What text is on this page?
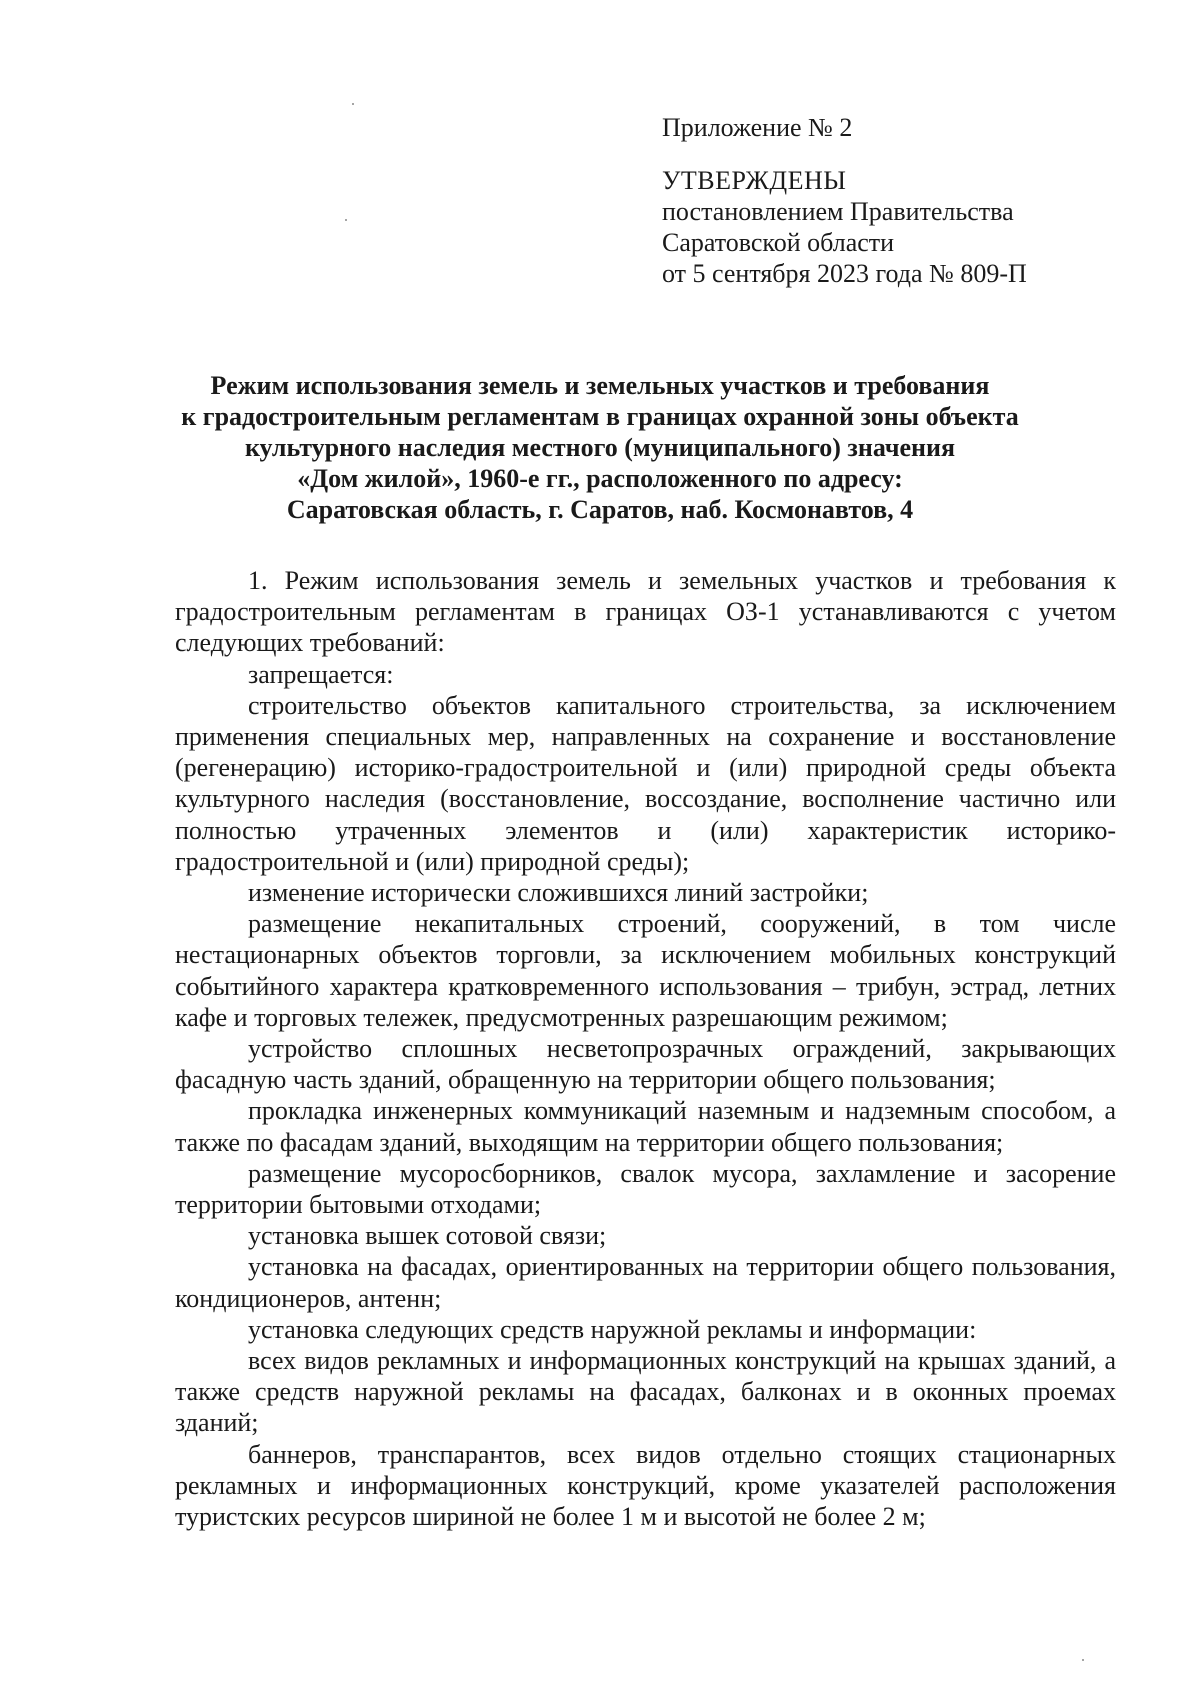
Приложение № 2
УТВЕРЖДЕНЫ
постановлением Правительства
Саратовской области
от 5 сентября 2023 года № 809-П
Режим использования земель и земельных участков и требования
к градостроительным регламентам в границах охранной зоны объекта
культурного наследия местного (муниципального) значения
«Дом жилой», 1960-е гг., расположенного по адресу:
Саратовская область, г. Саратов, наб. Космонавтов, 4

1. Режим использования земель и земельных участков и требования к градостроительным регламентам в границах ОЗ-1 устанавливаются с учетом следующих требований:

запрещается:

строительство объектов капитального строительства, за исключением применения специальных мер, направленных на сохранение и восстановление (регенерацию) историко-градостроительной и (или) природной среды объекта культурного наследия (восстановление, воссоздание, восполнение частично или полностью утраченных элементов и (или) характеристик историко-градостроительной и (или) природной среды);

изменение исторически сложившихся линий застройки;

размещение некапитальных строений, сооружений, в том числе нестационарных объектов торговли, за исключением мобильных конструкций событийного характера кратковременного использования – трибун, эстрад, летних кафе и торговых тележек, предусмотренных разрешающим режимом;

устройство сплошных несветопрозрачных ограждений, закрывающих фасадную часть зданий, обращенную на территории общего пользования;

прокладка инженерных коммуникаций наземным и надземным способом, а также по фасадам зданий, выходящим на территории общего пользования;

размещение мусоросборников, свалок мусора, захламление и засорение территории бытовыми отходами;

установка вышек сотовой связи;

установка на фасадах, ориентированных на территории общего пользования, кондиционеров, антенн;

установка следующих средств наружной рекламы и информации:

всех видов рекламных и информационных конструкций на крышах зданий, а также средств наружной рекламы на фасадах, балконах и в оконных проемах зданий;

баннеров, транспарантов, всех видов отдельно стоящих стационарных рекламных и информационных конструкций, кроме указателей расположения туристских ресурсов шириной не более 1 м и высотой не более 2 м;
